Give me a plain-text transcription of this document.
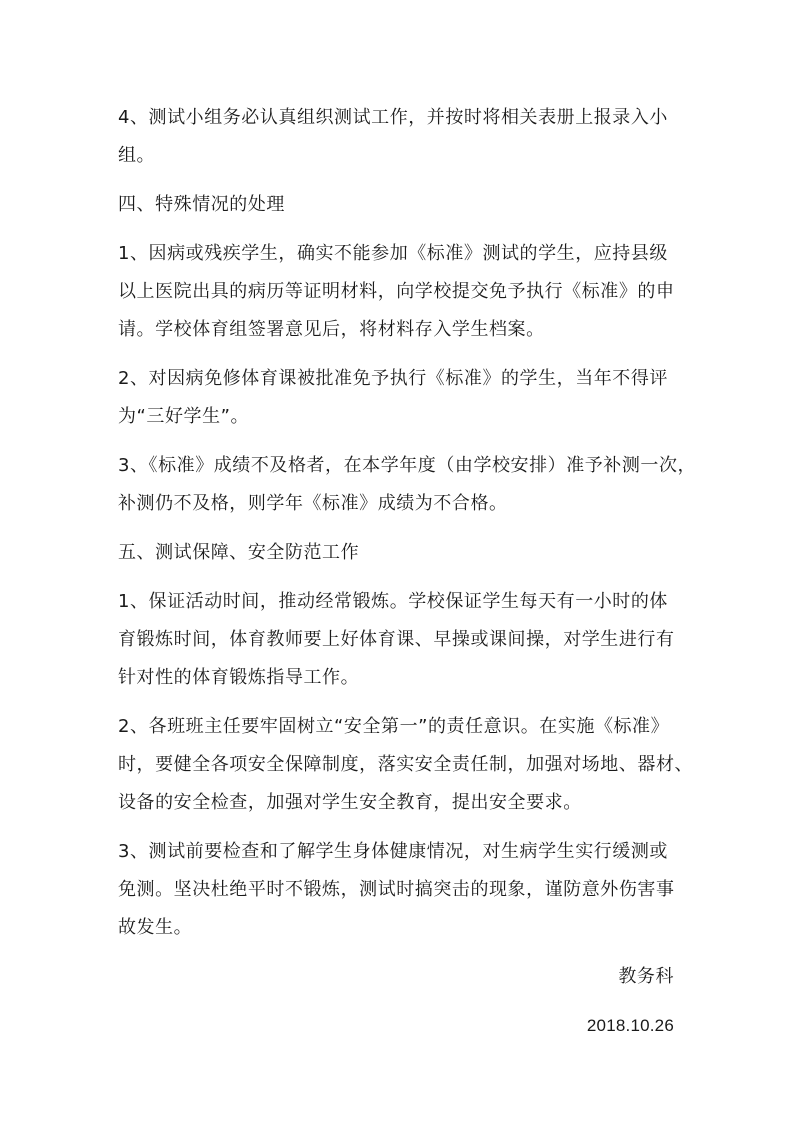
4、测试小组务必认真组织测试工作，并按时将相关表册上报录入小
组。
四、特殊情况的处理
1、因病或残疾学生，确实不能参加《标准》测试的学生，应持县级
以上医院出具的病历等证明材料，向学校提交免予执行《标准》的申
请。学校体育组签署意见后，将材料存入学生档案。
2、对因病免修体育课被批准免予执行《标准》的学生，当年不得评
为“三好学生”。
3、《标准》成绩不及格者，在本学年度（由学校安排）准予补测一次，
补测仍不及格，则学年《标准》成绩为不合格。
五、测试保障、安全防范工作
1、保证活动时间，推动经常锻炼。学校保证学生每天有一小时的体
育锻炼时间，体育教师要上好体育课、早操或课间操，对学生进行有
针对性的体育锻炼指导工作。
2、各班班主任要牢固树立“安全第一”的责任意识。在实施《标准》
时，要健全各项安全保障制度，落实安全责任制，加强对场地、器材、
设备的安全检查，加强对学生安全教育，提出安全要求。
3、测试前要检查和了解学生身体健康情况，对生病学生实行缓测或
免测。坚决杜绝平时不锻炼，测试时搞突击的现象，谨防意外伤害事
故发生。
教务科
2018.10.26
